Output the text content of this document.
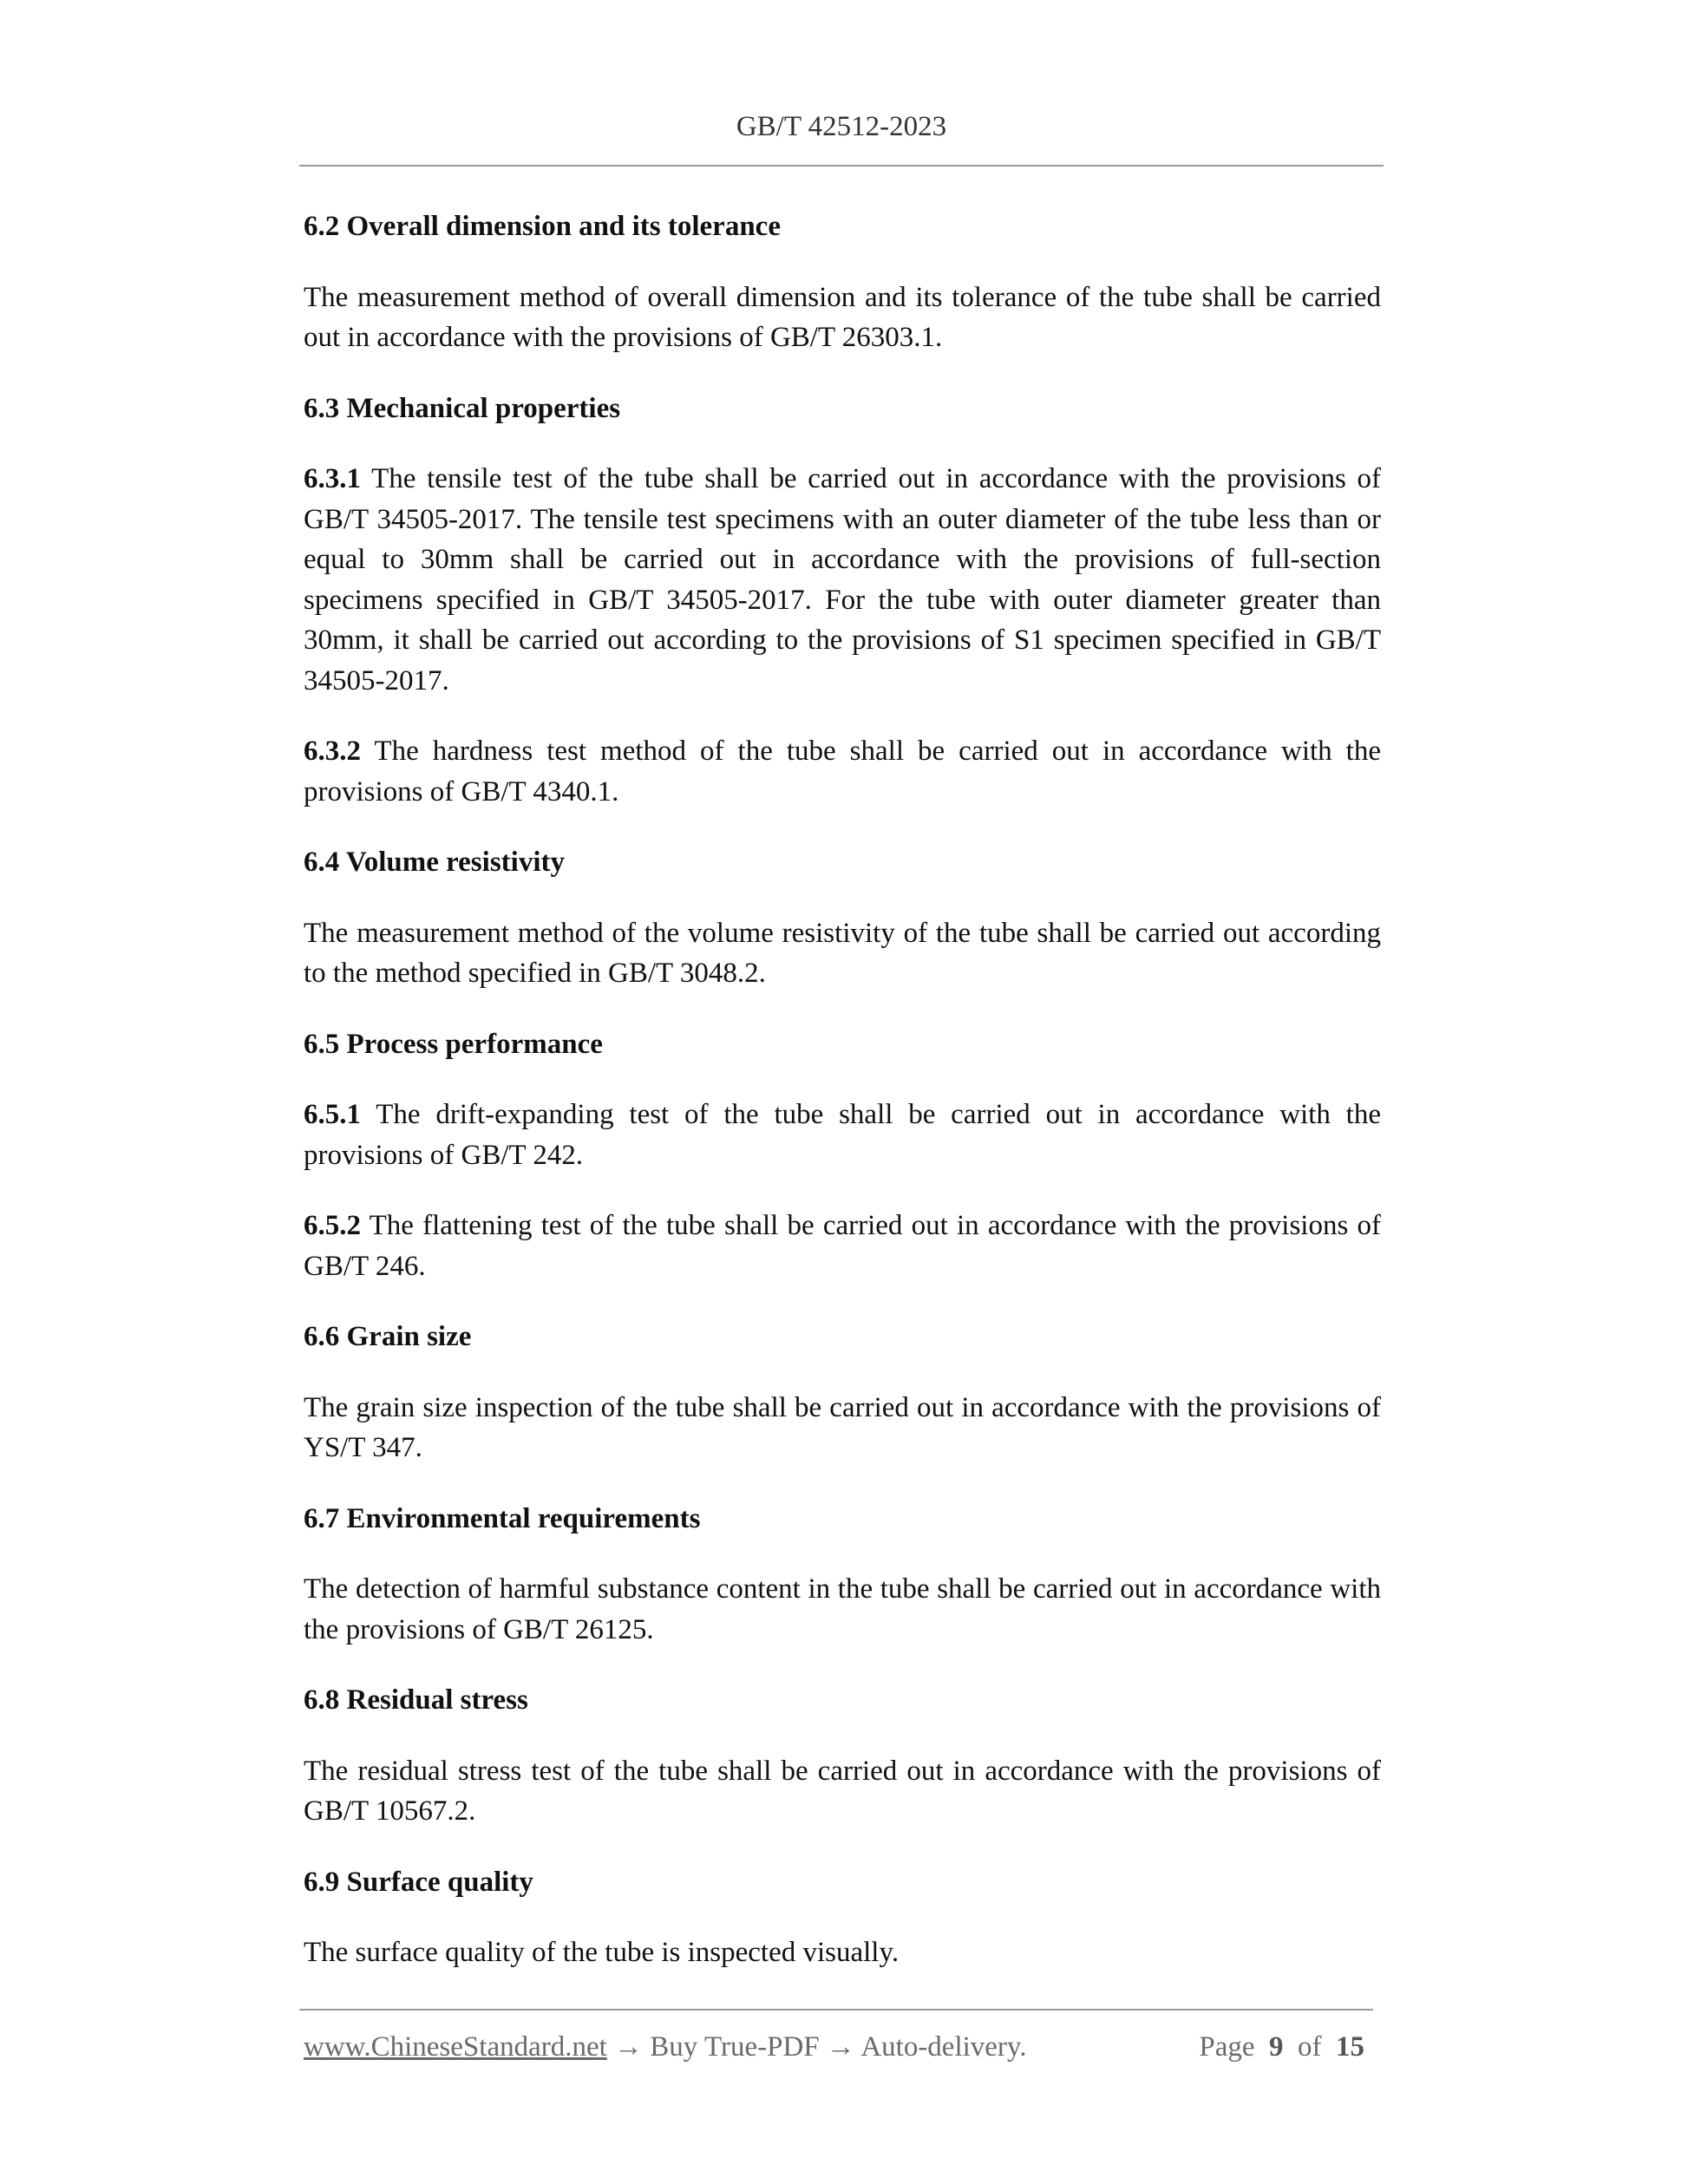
GB/T 42512-2023
6.2 Overall dimension and its tolerance

The measurement method of overall dimension and its tolerance of the tube shall be carried out in accordance with the provisions of GB/T 26303.1.

6.3 Mechanical properties

6.3.1 The tensile test of the tube shall be carried out in accordance with the provisions of GB/T 34505-2017. The tensile test specimens with an outer diameter of the tube less than or equal to 30mm shall be carried out in accordance with the provisions of full-section specimens specified in GB/T 34505-2017. For the tube with outer diameter greater than 30mm, it shall be carried out according to the provisions of S1 specimen specified in GB/T 34505-2017.

6.3.2 The hardness test method of the tube shall be carried out in accordance with the provisions of GB/T 4340.1.

6.4 Volume resistivity

The measurement method of the volume resistivity of the tube shall be carried out according to the method specified in GB/T 3048.2.

6.5 Process performance

6.5.1 The drift-expanding test of the tube shall be carried out in accordance with the provisions of GB/T 242.

6.5.2 The flattening test of the tube shall be carried out in accordance with the provisions of GB/T 246.

6.6 Grain size

The grain size inspection of the tube shall be carried out in accordance with the provisions of YS/T 347.

6.7 Environmental requirements

The detection of harmful substance content in the tube shall be carried out in accordance with the provisions of GB/T 26125.

6.8 Residual stress

The residual stress test of the tube shall be carried out in accordance with the provisions of GB/T 10567.2.

6.9 Surface quality

The surface quality of the tube is inspected visually.

www.ChineseStandard.net → Buy True-PDF → Auto-delivery.	Page 9 of 15
